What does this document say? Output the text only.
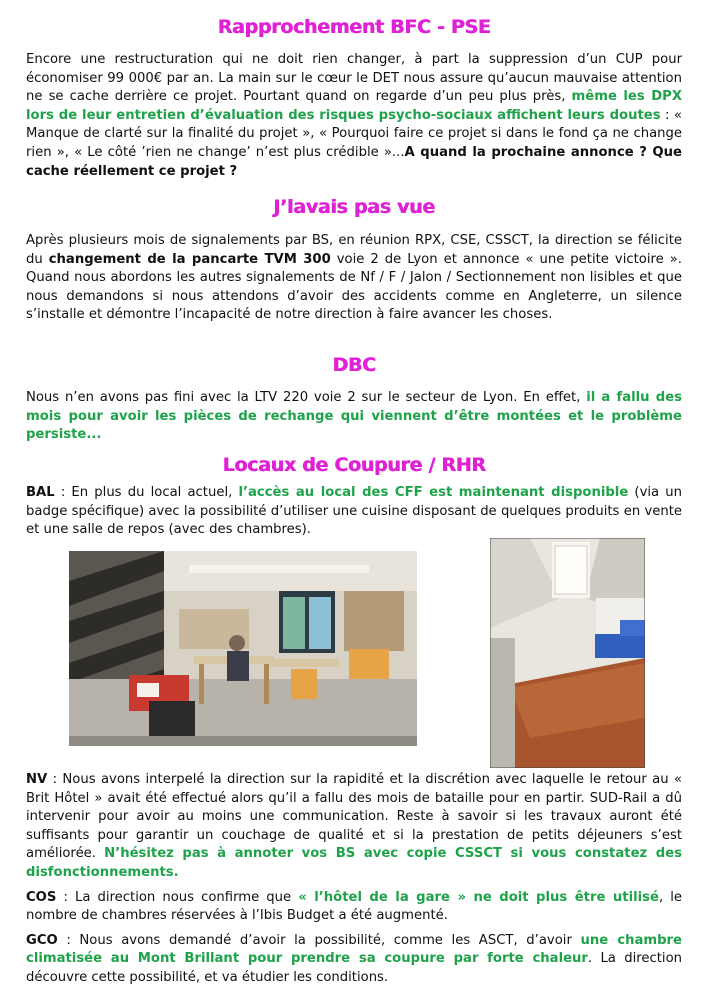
Rapprochement BFC - PSE

Encore une restructuration qui ne doit rien changer, à part la suppression d’un CUP pour économiser 99 000€ par an. La main sur le cœur le DET nous assure qu’aucun mauvaise attention ne se cache derrière ce projet. Pourtant quand on regarde d’un peu plus près, même les DPX lors de leur entretien d’évaluation des risques psycho-sociaux affichent leurs doutes : « Manque de clarté sur la finalité du projet », « Pourquoi faire ce projet si dans le fond ça ne change rien », « Le côté ’rien ne change’ n’est plus crédible »...A quand la prochaine annonce ? Que cache réellement ce projet ?

J’lavais pas vue

Après plusieurs mois de signalements par BS, en réunion RPX, CSE, CSSCT, la direction se félicite du changement de la pancarte TVM 300 voie 2 de Lyon et annonce « une petite victoire ». Quand nous abordons les autres signalements de Nf / F / Jalon / Sectionnement non lisibles et que nous demandons si nous attendons d’avoir des accidents comme en Angleterre, un silence s’installe et démontre l’incapacité de notre direction à faire avancer les choses.

DBC

Nous n’en avons pas fini avec la LTV 220 voie 2 sur le secteur de Lyon. En effet, il a fallu des mois pour avoir les pièces de rechange qui viennent d’être montées et le problème persiste...

Locaux de Coupure / RHR

BAL : En plus du local actuel, l’accès au local des CFF est maintenant disponible (via un badge spécifique) avec la possibilité d’utiliser une cuisine disposant de quelques produits en vente et une salle de repos (avec des chambres).

NV : Nous avons interpelé la direction sur la rapidité et la discrétion avec laquelle le retour au « Brit Hôtel » avait été effectué alors qu’il a fallu des mois de bataille pour en partir. SUD-Rail a dû intervenir pour avoir au moins une communication. Reste à savoir si les travaux auront été suffisants pour garantir un couchage de qualité et si la prestation de petits déjeuners s’est améliorée. N’hésitez pas à annoter vos BS avec copie CSSCT si vous constatez des disfonctionnements.

COS : La direction nous confirme que « l’hôtel de la gare » ne doit plus être utilisé, le nombre de chambres réservées à l’Ibis Budget a été augmenté.

GCO : Nous avons demandé d’avoir la possibilité, comme les ASCT, d’avoir une chambre climatisée au Mont Brillant pour prendre sa coupure par forte chaleur. La direction découvre cette possibilité, et va étudier les conditions.
